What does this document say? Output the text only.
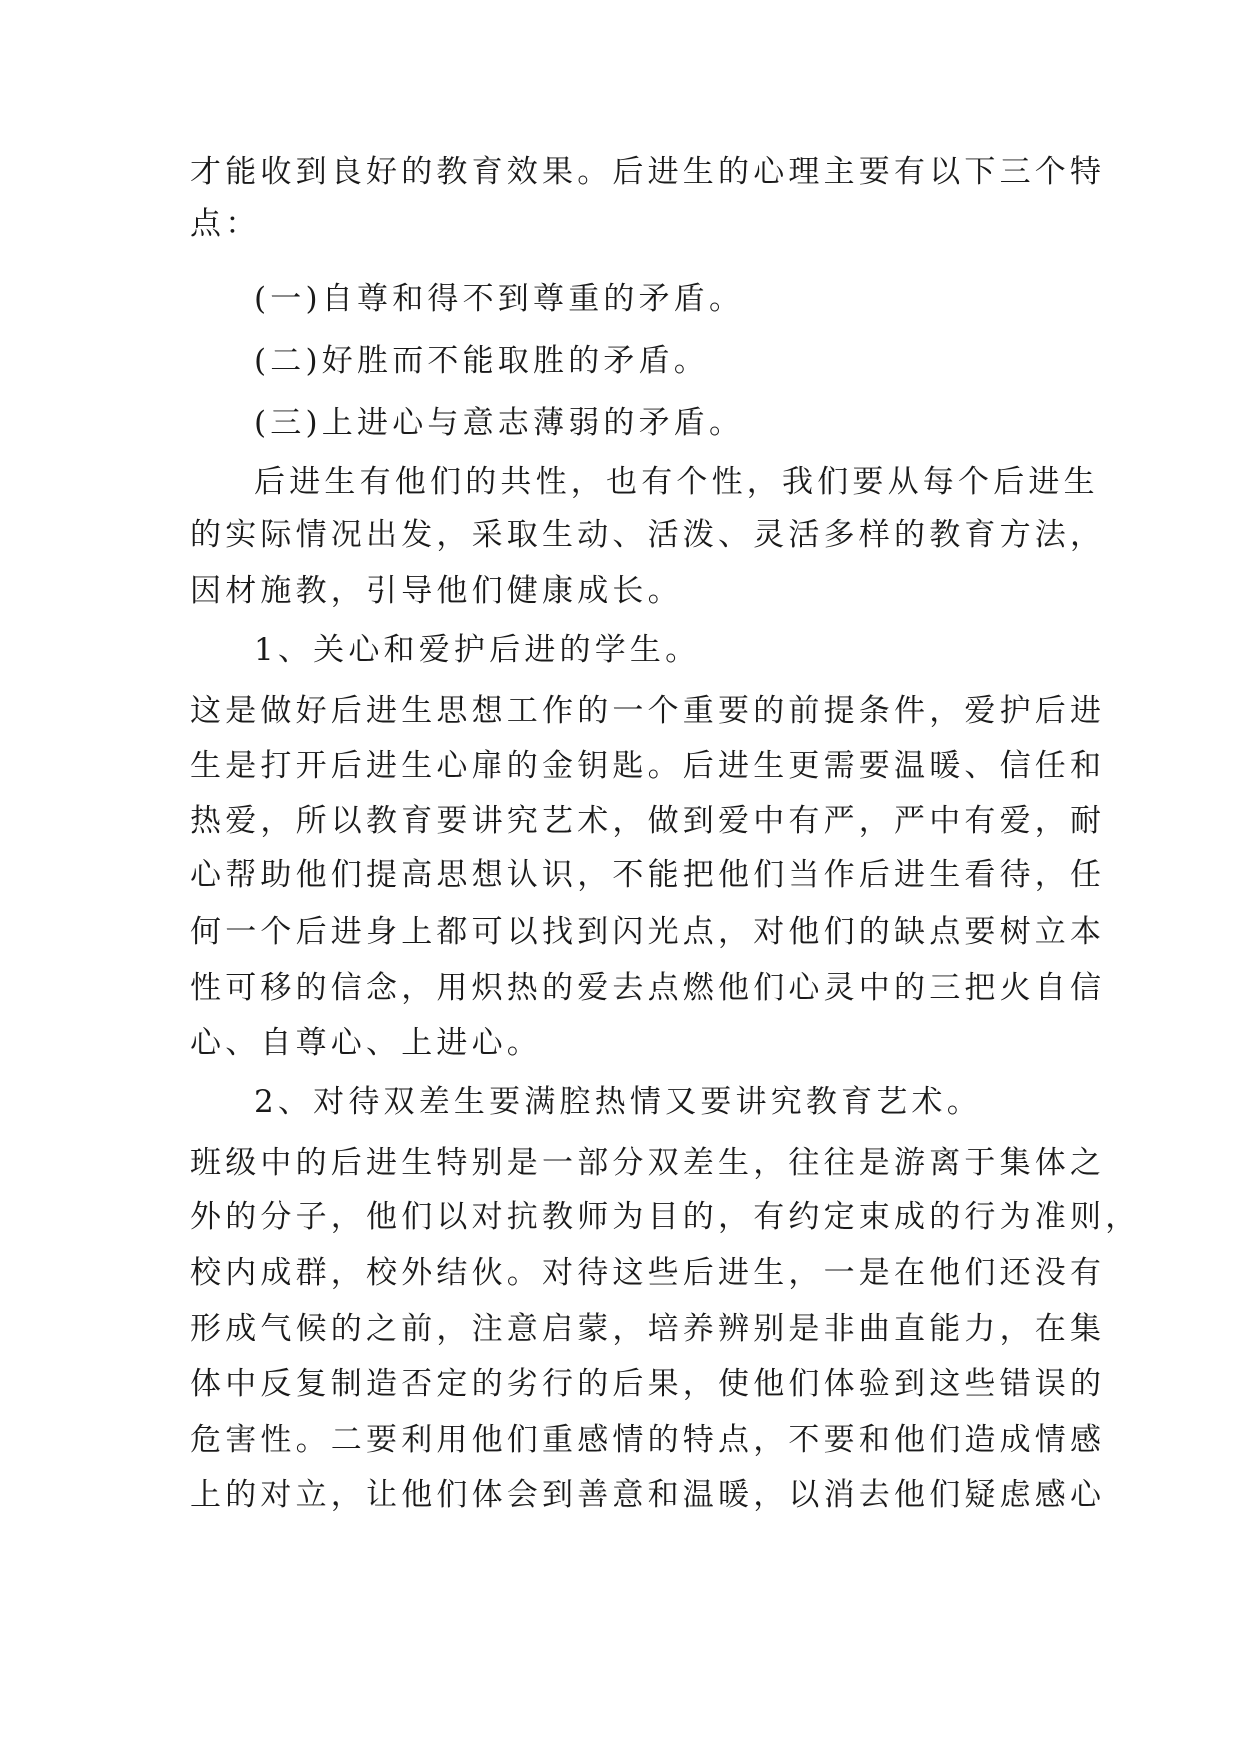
才能收到良好的教育效果。后进生的心理主要有以下三个特

点：

(一)自尊和得不到尊重的矛盾。

(二)好胜而不能取胜的矛盾。

(三)上进心与意志薄弱的矛盾。

后进生有他们的共性，也有个性，我们要从每个后进生

的实际情况出发，采取生动、活泼、灵活多样的教育方法，

因材施教，引导他们健康成长。

1、关心和爱护后进的学生。

这是做好后进生思想工作的一个重要的前提条件，爱护后进

生是打开后进生心扉的金钥匙。后进生更需要温暖、信任和

热爱，所以教育要讲究艺术，做到爱中有严，严中有爱，耐

心帮助他们提高思想认识，不能把他们当作后进生看待，任

何一个后进身上都可以找到闪光点，对他们的缺点要树立本

性可移的信念，用炽热的爱去点燃他们心灵中的三把火自信

心、自尊心、上进心。

2、对待双差生要满腔热情又要讲究教育艺术。

班级中的后进生特别是一部分双差生，往往是游离于集体之

外的分子，他们以对抗教师为目的，有约定束成的行为准则，

校内成群，校外结伙。对待这些后进生，一是在他们还没有

形成气候的之前，注意启蒙，培养辨别是非曲直能力，在集

体中反复制造否定的劣行的后果，使他们体验到这些错误的

危害性。二要利用他们重感情的特点，不要和他们造成情感

上的对立，让他们体会到善意和温暖，以消去他们疑虑感心
